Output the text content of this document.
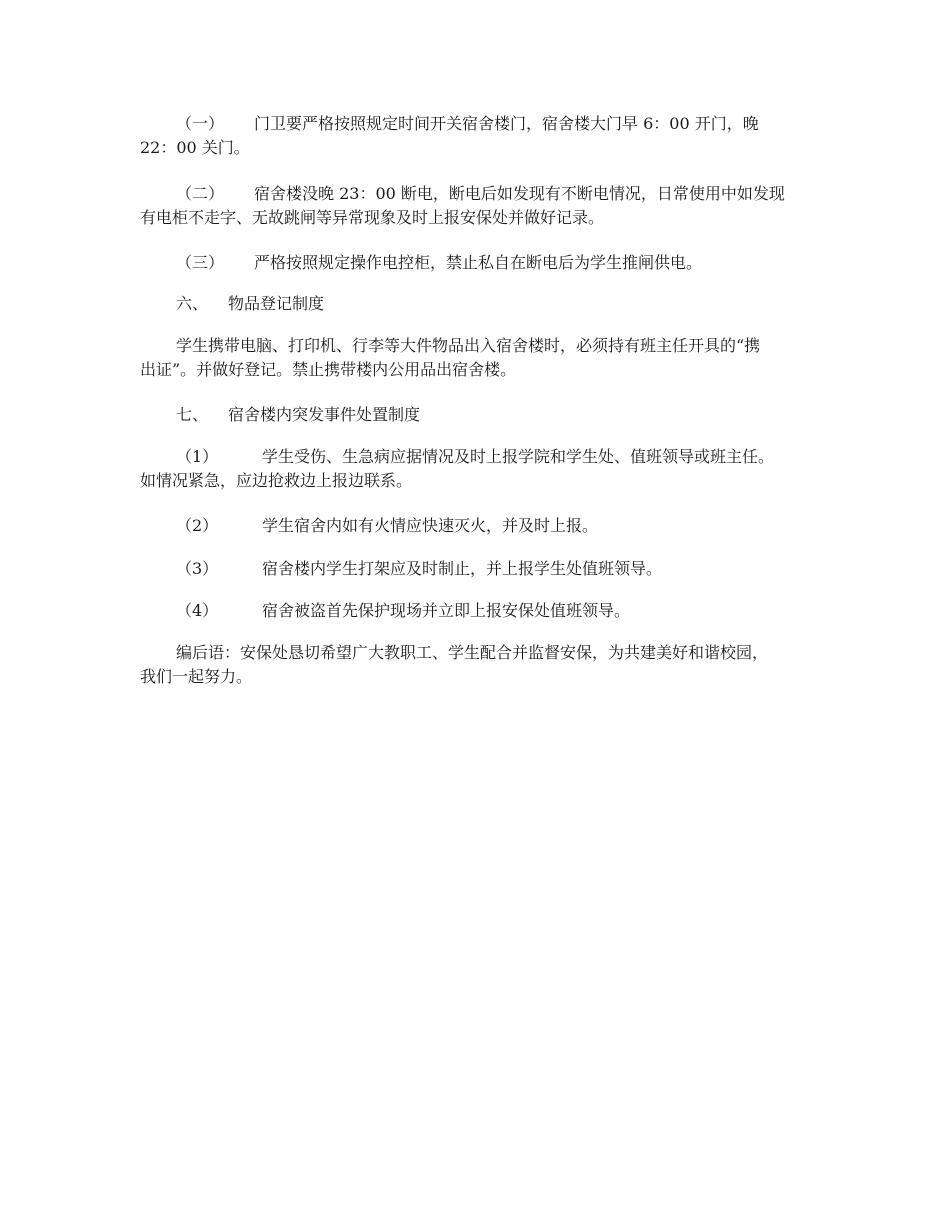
（一） 门卫要严格按照规定时间开关宿舍楼门，宿舍楼大门早 6：00 开门，晚
22：00 关门。
（二） 宿舍楼没晚 23：00 断电，断电后如发现有不断电情况，日常使用中如发现
有电柜不走字、无故跳闸等异常现象及时上报安保处并做好记录。
（三） 严格按照规定操作电控柜，禁止私自在断电后为学生推闸供电。
六、 物品登记制度
学生携带电脑、打印机、行李等大件物品出入宿舍楼时，必须持有班主任开具的“携
出证”。并做好登记。禁止携带楼内公用品出宿舍楼。
七、 宿舍楼内突发事件处置制度
（1）	学生受伤、生急病应据情况及时上报学院和学生处、值班领导或班主任。
如情况紧急，应边抢救边上报边联系。
（2）	学生宿舍内如有火情应快速灭火，并及时上报。
（3）	宿舍楼内学生打架应及时制止，并上报学生处值班领导。
（4）	宿舍被盗首先保护现场并立即上报安保处值班领导。
编后语：安保处恳切希望广大教职工、学生配合并监督安保，为共建美好和谐校园，
我们一起努力。
